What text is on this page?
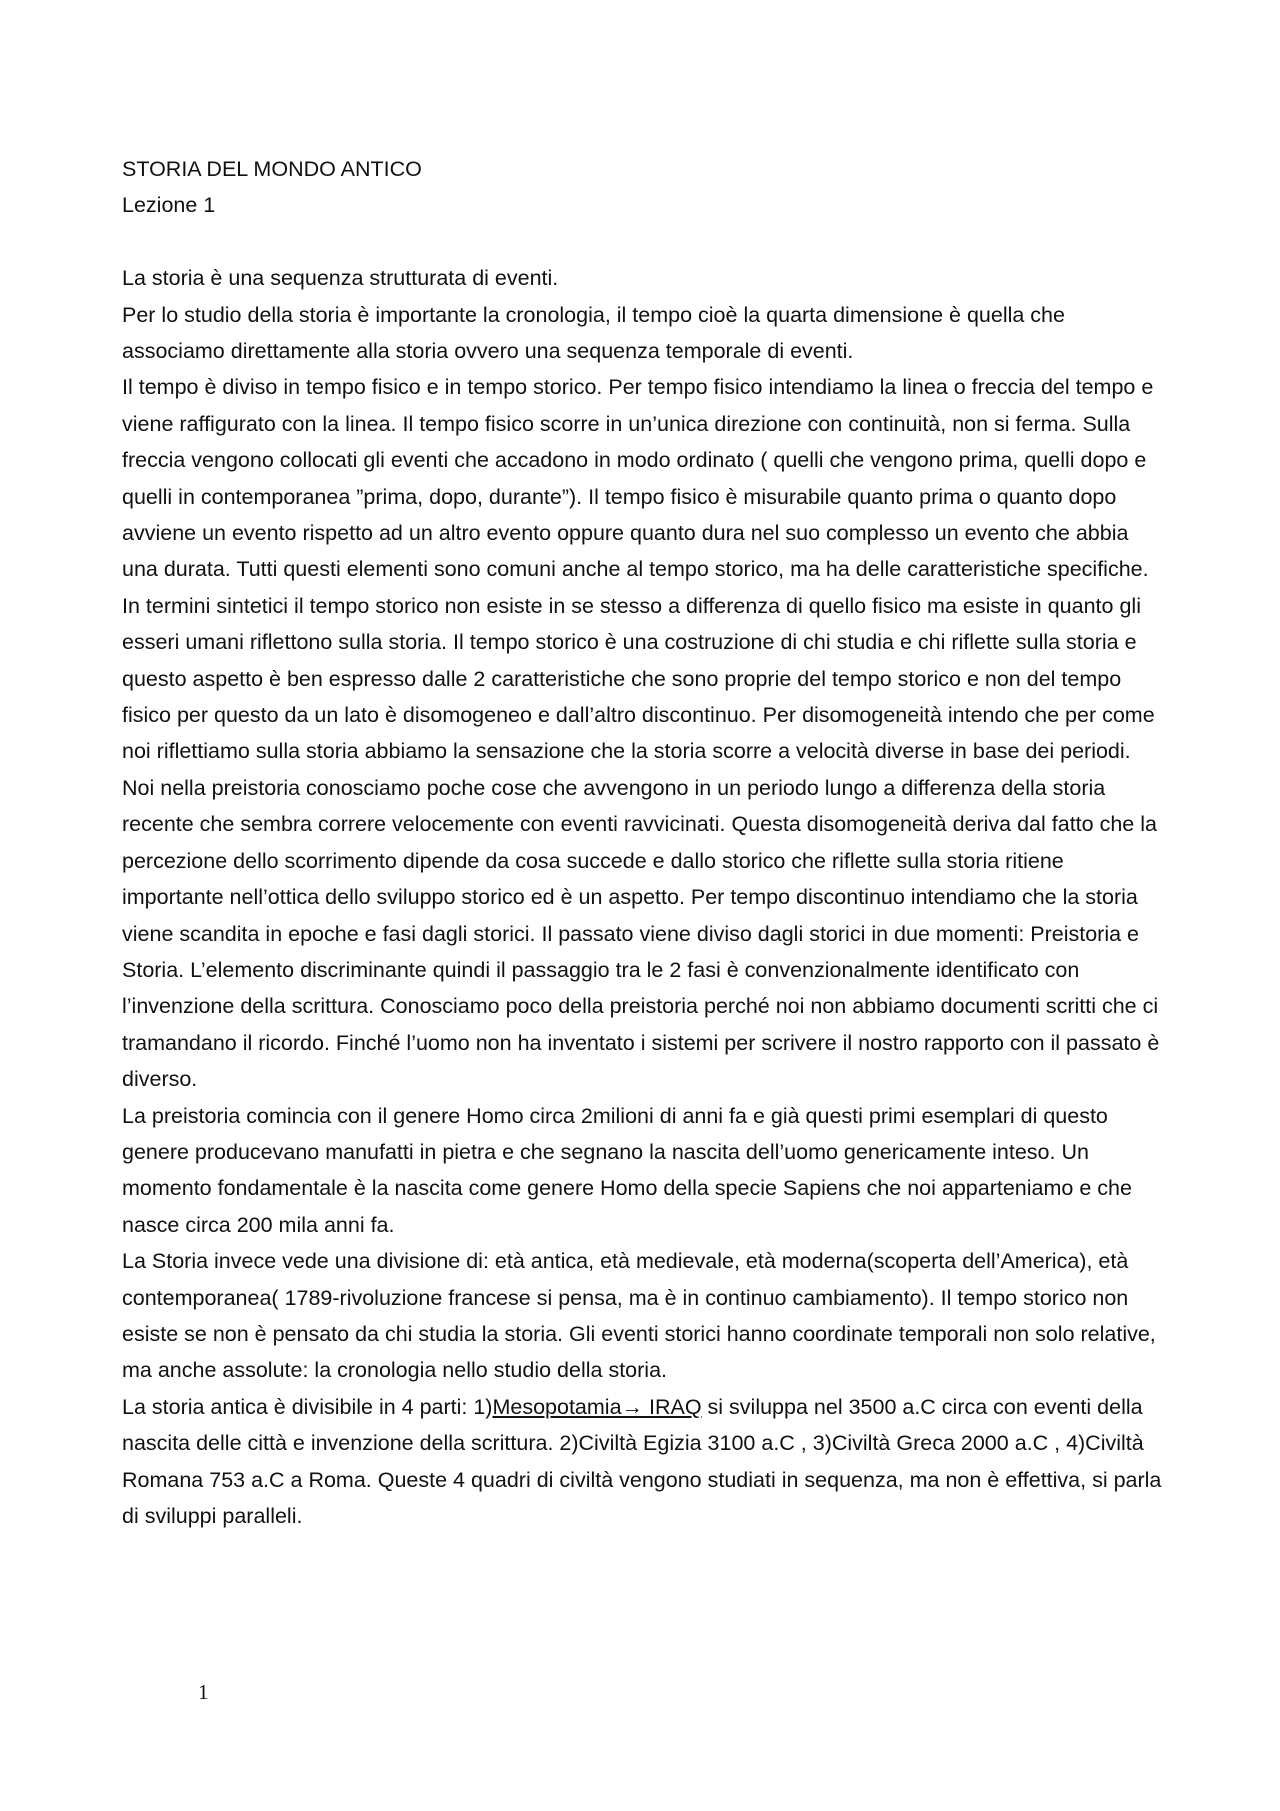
STORIA DEL MONDO ANTICO

Lezione 1

La storia è una sequenza strutturata di eventi.

Per lo studio della storia è importante la cronologia, il tempo cioè la quarta dimensione è quella che associamo direttamente alla storia ovvero una sequenza temporale di eventi.

Il tempo è diviso in tempo fisico e in tempo storico. Per tempo fisico intendiamo la linea o freccia del tempo e viene raffigurato con la linea. Il tempo fisico scorre in un’unica direzione con continuità, non si ferma. Sulla freccia vengono collocati gli eventi che accadono in modo ordinato ( quelli che vengono prima, quelli dopo e quelli in contemporanea ”prima, dopo, durante”). Il tempo fisico è misurabile quanto prima o quanto dopo avviene un evento rispetto ad un altro evento oppure quanto dura nel suo complesso un evento che abbia una durata. Tutti questi elementi sono comuni anche al tempo storico, ma ha delle caratteristiche specifiche. In termini sintetici il tempo storico non esiste in se stesso a differenza di quello fisico ma esiste in quanto gli esseri umani riflettono sulla storia. Il tempo storico è una costruzione di chi studia e chi riflette sulla storia e questo aspetto è ben espresso dalle 2 caratteristiche che sono proprie del tempo storico e non del tempo fisico per questo da un lato è disomogeneo e dall’altro discontinuo. Per disomogeneità intendo che per come noi riflettiamo sulla storia abbiamo la sensazione che la storia scorre a velocità diverse in base dei periodi. Noi nella preistoria conosciamo poche cose che avvengono in un periodo lungo a differenza della storia recente che sembra correre velocemente con eventi ravvicinati. Questa disomogeneità deriva dal fatto che la percezione dello scorrimento dipende da cosa succede e dallo storico che riflette sulla storia ritiene importante nell’ottica dello sviluppo storico ed è un aspetto. Per tempo discontinuo intendiamo che la storia viene scandita in epoche e fasi dagli storici. Il passato viene diviso dagli storici in due momenti: Preistoria e Storia. L’elemento discriminante quindi il passaggio tra le 2 fasi è convenzionalmente identificato con l’invenzione della scrittura. Conosciamo poco della preistoria perché noi non abbiamo documenti scritti che ci tramandano il ricordo. Finché l’uomo non ha inventato i sistemi per scrivere il nostro rapporto con il passato è diverso.

La preistoria comincia con il genere Homo circa 2milioni di anni fa e già questi primi esemplari di questo genere producevano manufatti in pietra e che segnano la nascita dell’uomo genericamente inteso. Un momento fondamentale è la nascita come genere Homo della specie Sapiens che noi apparteniamo e che nasce circa 200 mila anni fa.

La Storia invece vede una divisione di: età antica, età medievale, età moderna(scoperta dell’America), età contemporanea( 1789-rivoluzione francese si pensa, ma è in continuo cambiamento). Il tempo storico non esiste se non è pensato da chi studia la storia. Gli eventi storici hanno coordinate temporali non solo relative, ma anche assolute: la cronologia nello studio della storia.

La storia antica è divisibile in 4 parti: 1)Mesopotamia→ IRAQ si sviluppa nel 3500 a.C circa con eventi della nascita delle città e invenzione della scrittura. 2)Civiltà Egizia 3100 a.C , 3)Civiltà Greca 2000 a.C , 4)Civiltà Romana 753 a.C a Roma. Queste 4 quadri di civiltà vengono studiati in sequenza, ma non è effettiva, si parla di sviluppi paralleli.

1
